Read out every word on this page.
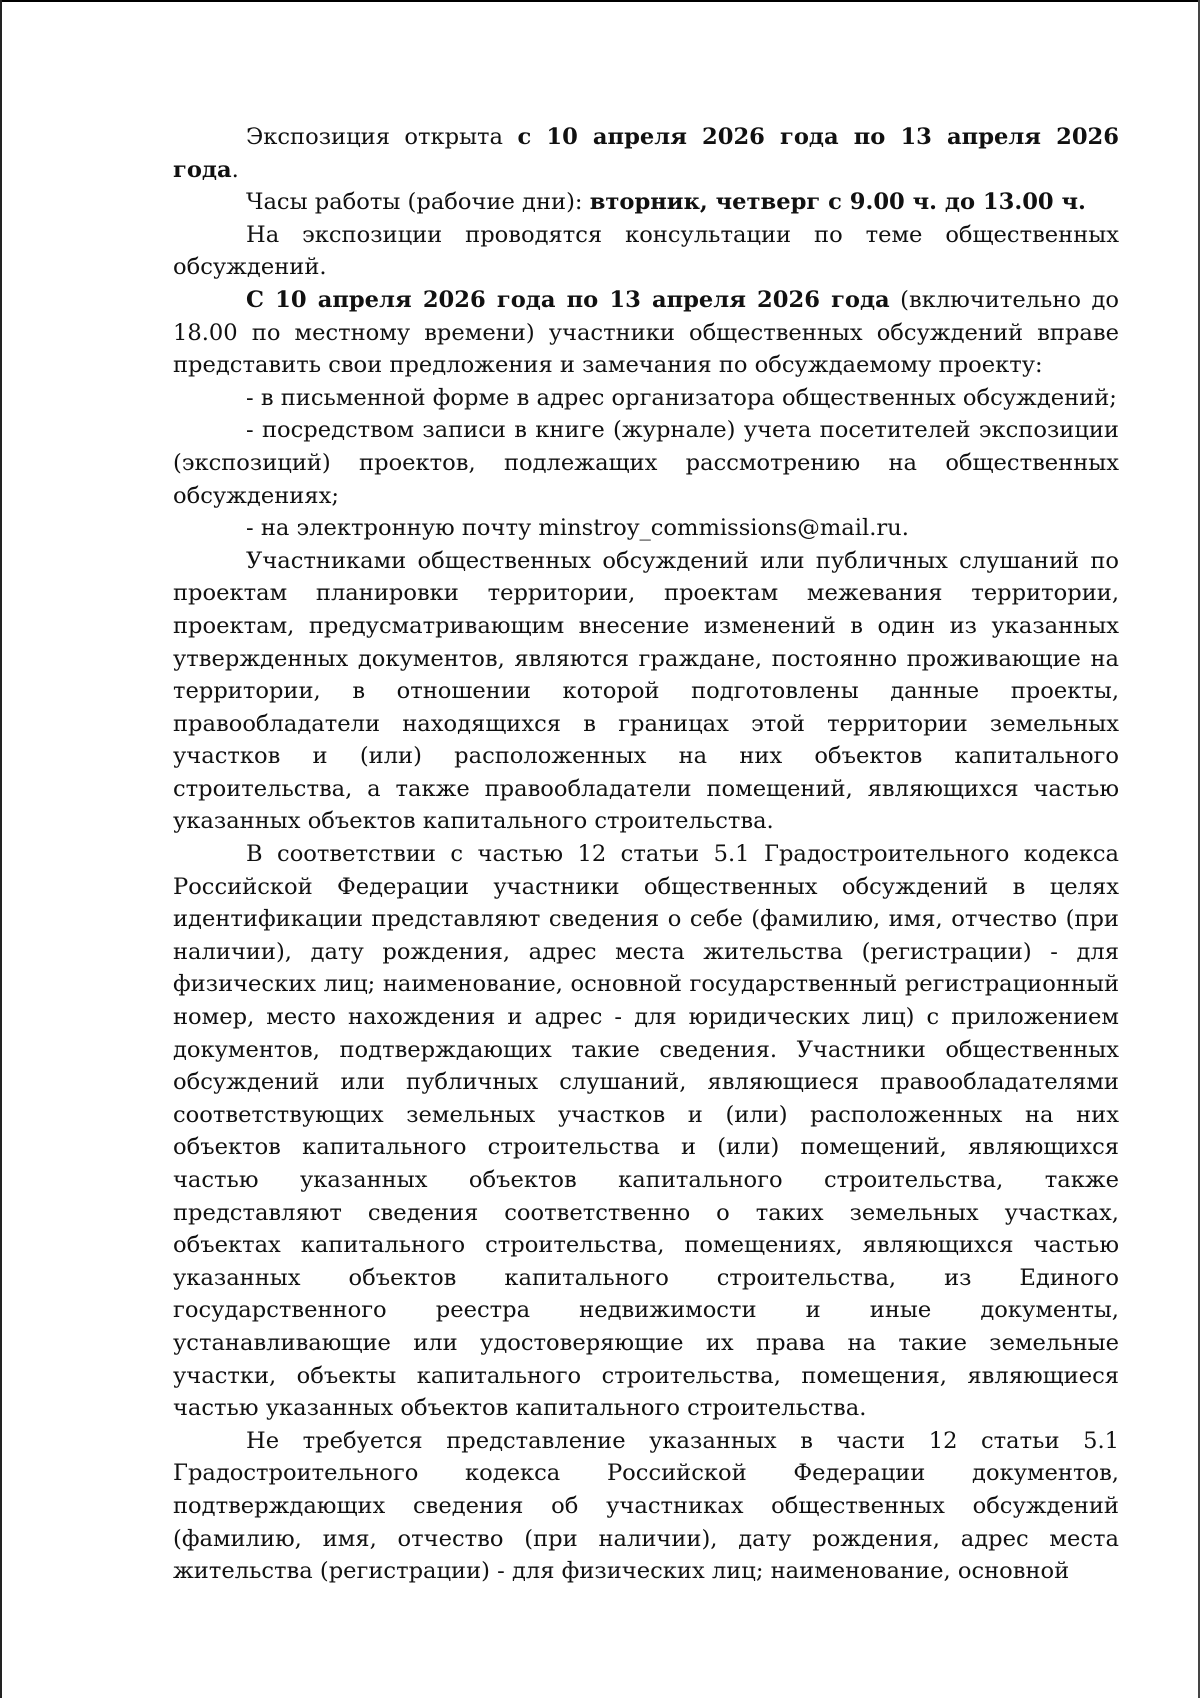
Экспозиция открыта с 10 апреля 2026 года по 13 апреля 2026 года.

Часы работы (рабочие дни): вторник, четверг с 9.00 ч. до 13.00 ч.

На экспозиции проводятся консультации по теме общественных обсуждений.

С 10 апреля 2026 года по 13 апреля 2026 года (включительно до 18.00 по местному времени) участники общественных обсуждений вправе представить свои предложения и замечания по обсуждаемому проекту:

- в письменной форме в адрес организатора общественных обсуждений;

- посредством записи в книге (журнале) учета посетителей экспозиции (экспозиций) проектов, подлежащих рассмотрению на общественных обсуждениях;

- на электронную почту minstroy_commissions@mail.ru.

Участниками общественных обсуждений или публичных слушаний по проектам планировки территории, проектам межевания территории, проектам, предусматривающим внесение изменений в один из указанных утвержденных документов, являются граждане, постоянно проживающие на территории, в отношении которой подготовлены данные проекты, правообладатели находящихся в границах этой территории земельных участков и (или) расположенных на них объектов капитального строительства, а также правообладатели помещений, являющихся частью указанных объектов капитального строительства.

В соответствии с частью 12 статьи 5.1 Градостроительного кодекса Российской Федерации участники общественных обсуждений в целях идентификации представляют сведения о себе (фамилию, имя, отчество (при наличии), дату рождения, адрес места жительства (регистрации) - для физических лиц; наименование, основной государственный регистрационный номер, место нахождения и адрес - для юридических лиц) с приложением документов, подтверждающих такие сведения. Участники общественных обсуждений или публичных слушаний, являющиеся правообладателями соответствующих земельных участков и (или) расположенных на них объектов капитального строительства и (или) помещений, являющихся частью указанных объектов капитального строительства, также представляют сведения соответственно о таких земельных участках, объектах капитального строительства, помещениях, являющихся частью указанных объектов капитального строительства, из Единого государственного реестра недвижимости и иные документы, устанавливающие или удостоверяющие их права на такие земельные участки, объекты капитального строительства, помещения, являющиеся частью указанных объектов капитального строительства.

Не требуется представление указанных в части 12 статьи 5.1 Градостроительного кодекса Российской Федерации документов, подтверждающих сведения об участниках общественных обсуждений (фамилию, имя, отчество (при наличии), дату рождения, адрес места жительства (регистрации) - для физических лиц; наименование, основной
